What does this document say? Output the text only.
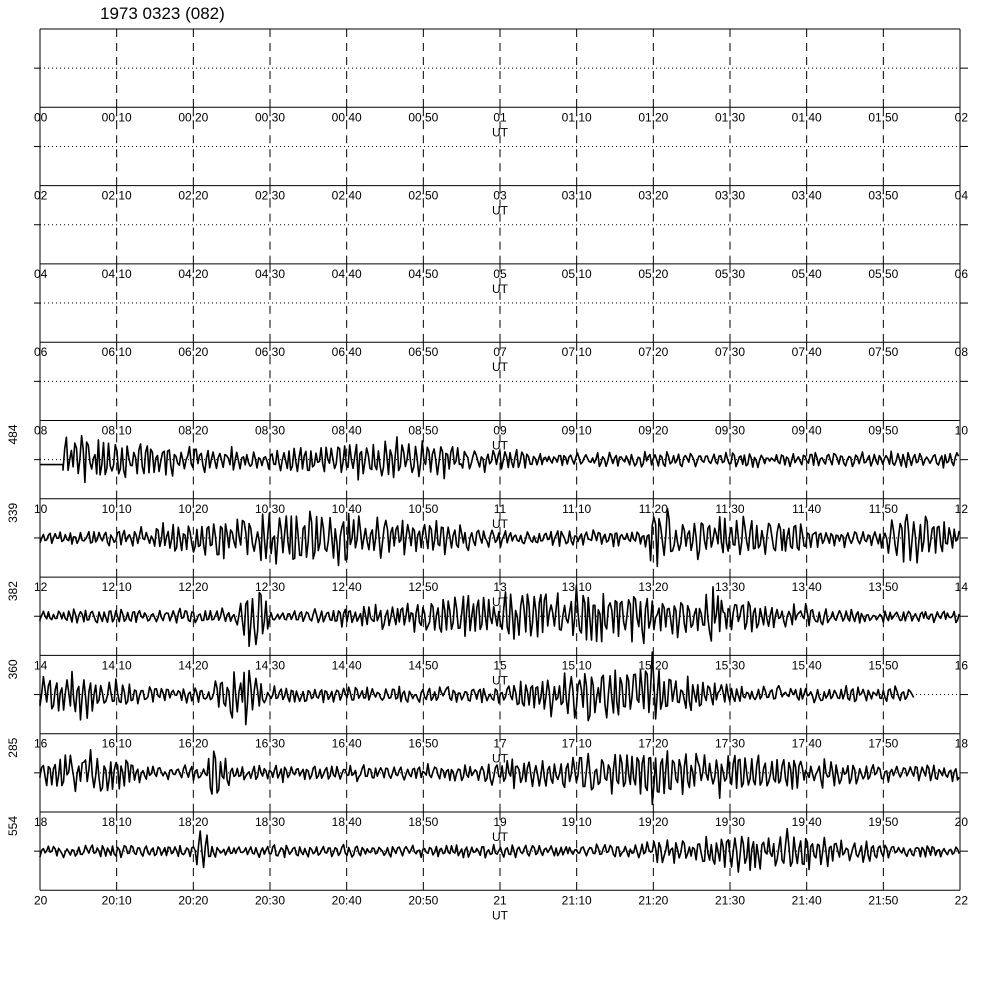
1973 0323 (082)
00	00:10	00:20	00:30	00:40	00:50	01	01:10	01:20	01:30	01:40	01:50	02
UT
02	02:10	02:20	02:30	02:40	02:50	03	03:10	03:20	03:30	03:40	03:50	04
UT
04	04:10	04:20	04:30	04:40	04:50	05	05:10	05:20	05:30	05:40	05:50	06
UT
06	06:10	06:20	06:30	06:40	06:50	07	07:10	07:20	07:30	07:40	07:50	08
UT
08	08:10	08:20	08:30	08:40	08:50	09	09:10	09:20	09:30	09:40	09:50	10
UT
10	10:10	10:20	10:30	10:40	10:50	11	11:10	11:20	11:30	11:40	11:50	12
UT
484
12	12:10	12:20	12:30	12:40	12:50	13	13:10	13:20	13:30	13:40	13:50	14
UT
339
14	14:10	14:20	14:30	14:40	14:50	15	15:10	15:20	15:30	15:40	15:50	16
UT
382
16	16:10	16:20	16:30	16:40	16:50	17	17:10	17:20	17:30	17:40	17:50	18
UT
360
18	18:10	18:20	18:30	18:40	18:50	19	19:10	19:20	19:30	19:40	19:50	20
UT
285
20	20:10	20:20	20:30	20:40	20:50	21	21:10	21:20	21:30	21:40	21:50	22
UT
554
